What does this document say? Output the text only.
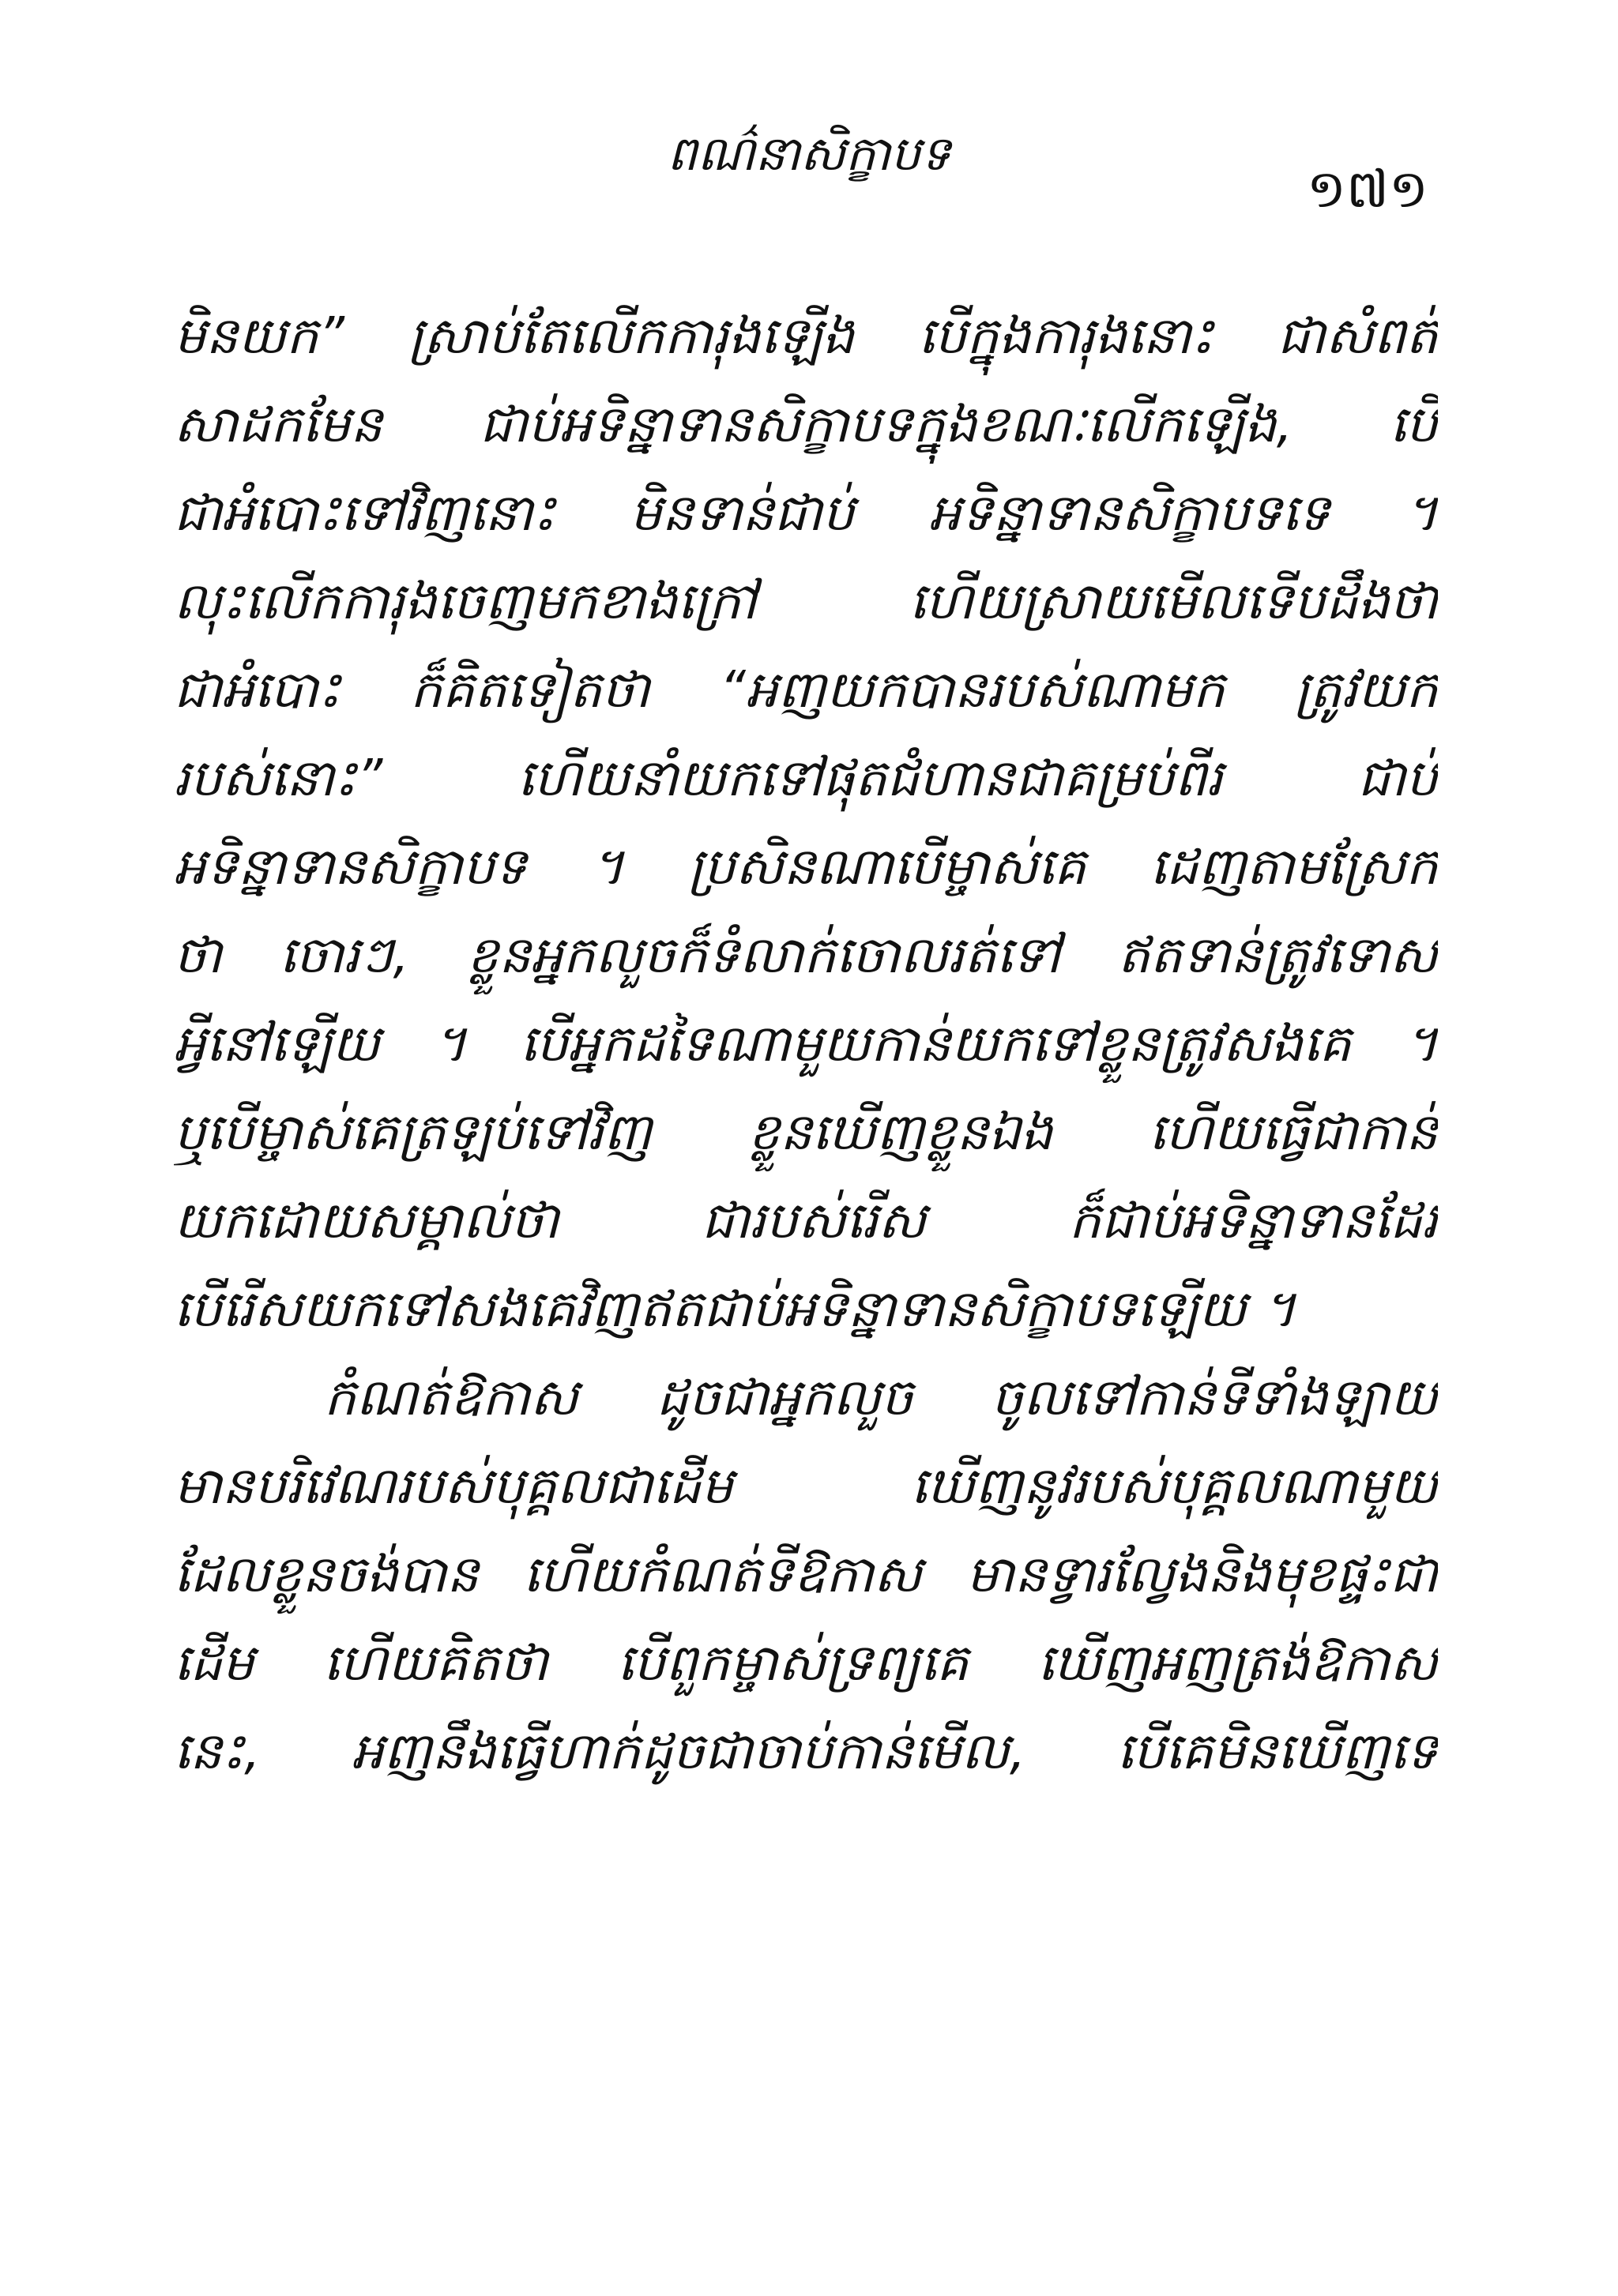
ពណ៌នាសិក្ខាបទ
១៧១
មិនយក” ស្រាប់តែលើកការុងឡើង បើក្នុងការុងនោះ ជាសំពត់
សាដកមែន ជាប់អទិន្នាទានសិក្ខាបទក្នុងខណៈលើកឡើង, បើ
ជាអំបោះទៅវិញនោះ មិនទាន់ជាប់ អទិន្នាទានសិក្ខាបទទេ ។
លុះលើកការុងចេញមកខាងក្រៅ ហើយស្រាយមើលទើបដឹងថា
ជាអំបោះ ក៏គិតទៀតថា “អញយកបានរបស់ណាមក ត្រូវយក
របស់នោះ” ហើយនាំយកទៅផុតជំហានជាគម្រប់ពីរ ជាប់
អទិន្នាទានសិក្ខាបទ ។ ប្រសិនណាបើម្ចាស់គេ ដេញតាមស្រែក
ថា ចោរៗ, ខ្លួនអ្នកលួចក៏ទំលាក់ចោលរត់ទៅ ឥតទាន់ត្រូវទោស
អ្វីនៅឡើយ ។ បើអ្នកដទៃណាមួយកាន់យកទៅខ្លួនត្រូវសងគេ ។
ឬបើម្ចាស់គេត្រឡប់ទៅវិញ ខ្លួនឃើញខ្លួនឯង ហើយធ្វើជាកាន់
យកដោយសម្គាល់ថា ជារបស់រើស ក៏ជាប់អទិន្នាទានដែរ
បើរើសយកទៅសងគេវិញឥតជាប់អទិន្នាទានសិក្ខាបទឡើយ ។
កំណត់ឱកាស ដូចជាអ្នកលួច ចូលទៅកាន់ទីទាំងឡាយ
មានបរិវេណរបស់បុគ្គលជាដើម ឃើញនូវរបស់បុគ្គលណាមួយ
ដែលខ្លួនចង់បាន ហើយកំណត់ទីឱកាស មានទ្វារល្វែងនិងមុខផ្ទះជា
ដើម ហើយគិតថា បើពួកម្ចាស់ទ្រព្យគេ ឃើញអញត្រង់ឱកាស
នេះ, អញនឹងធ្វើហាក់ដូចជាចាប់កាន់មើល, បើគេមិនឃើញទេ
